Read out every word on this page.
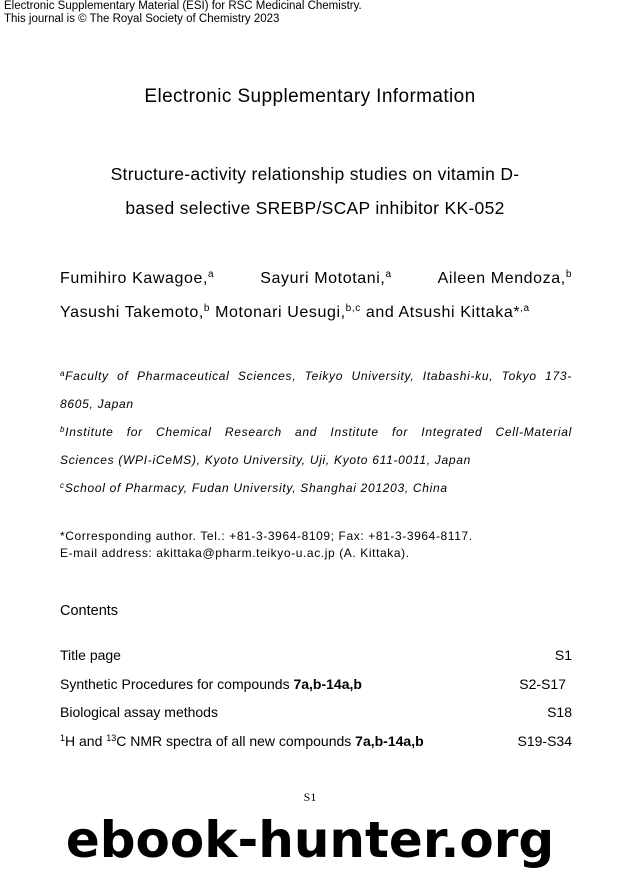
Electronic Supplementary Material (ESI) for RSC Medicinal Chemistry.
This journal is © The Royal Society of Chemistry 2023
Electronic Supplementary Information
Structure-activity relationship studies on vitamin D-
based selective SREBP/SCAP inhibitor KK-052
Fumihiro Kawagoe,$^a$	Sayuri Mototani,$^a$	Aileen Mendoza,$^b$
Yasushi Takemoto,$^b$ Motonari Uesugi,$^{b,c}$ and Atsushi Kittaka*$^{,a}$

$^a$Faculty of Pharmaceutical Sciences, Teikyo University, Itabashi-ku, Tokyo 173-

8605, Japan

$^b$Institute for Chemical Research and Institute for Integrated Cell-Material

Sciences (WPI-iCeMS), Kyoto University, Uji, Kyoto 611-0011, Japan

$^c$School of Pharmacy, Fudan University, Shanghai 201203, China

*Corresponding author. Tel.: +81-3-3964-8109; Fax: +81-3-3964-8117.
E-mail address: akittaka@pharm.teikyo-u.ac.jp (A. Kittaka).
Contents
Title page	S1
Synthetic Procedures for compounds 7a,b-14a,b	S2-S17
Biological assay methods	S18
$^1$H and $^{13}$C NMR spectra of all new compounds 7a,b-14a,b	S19-S34
S1
ebook-hunter.org
